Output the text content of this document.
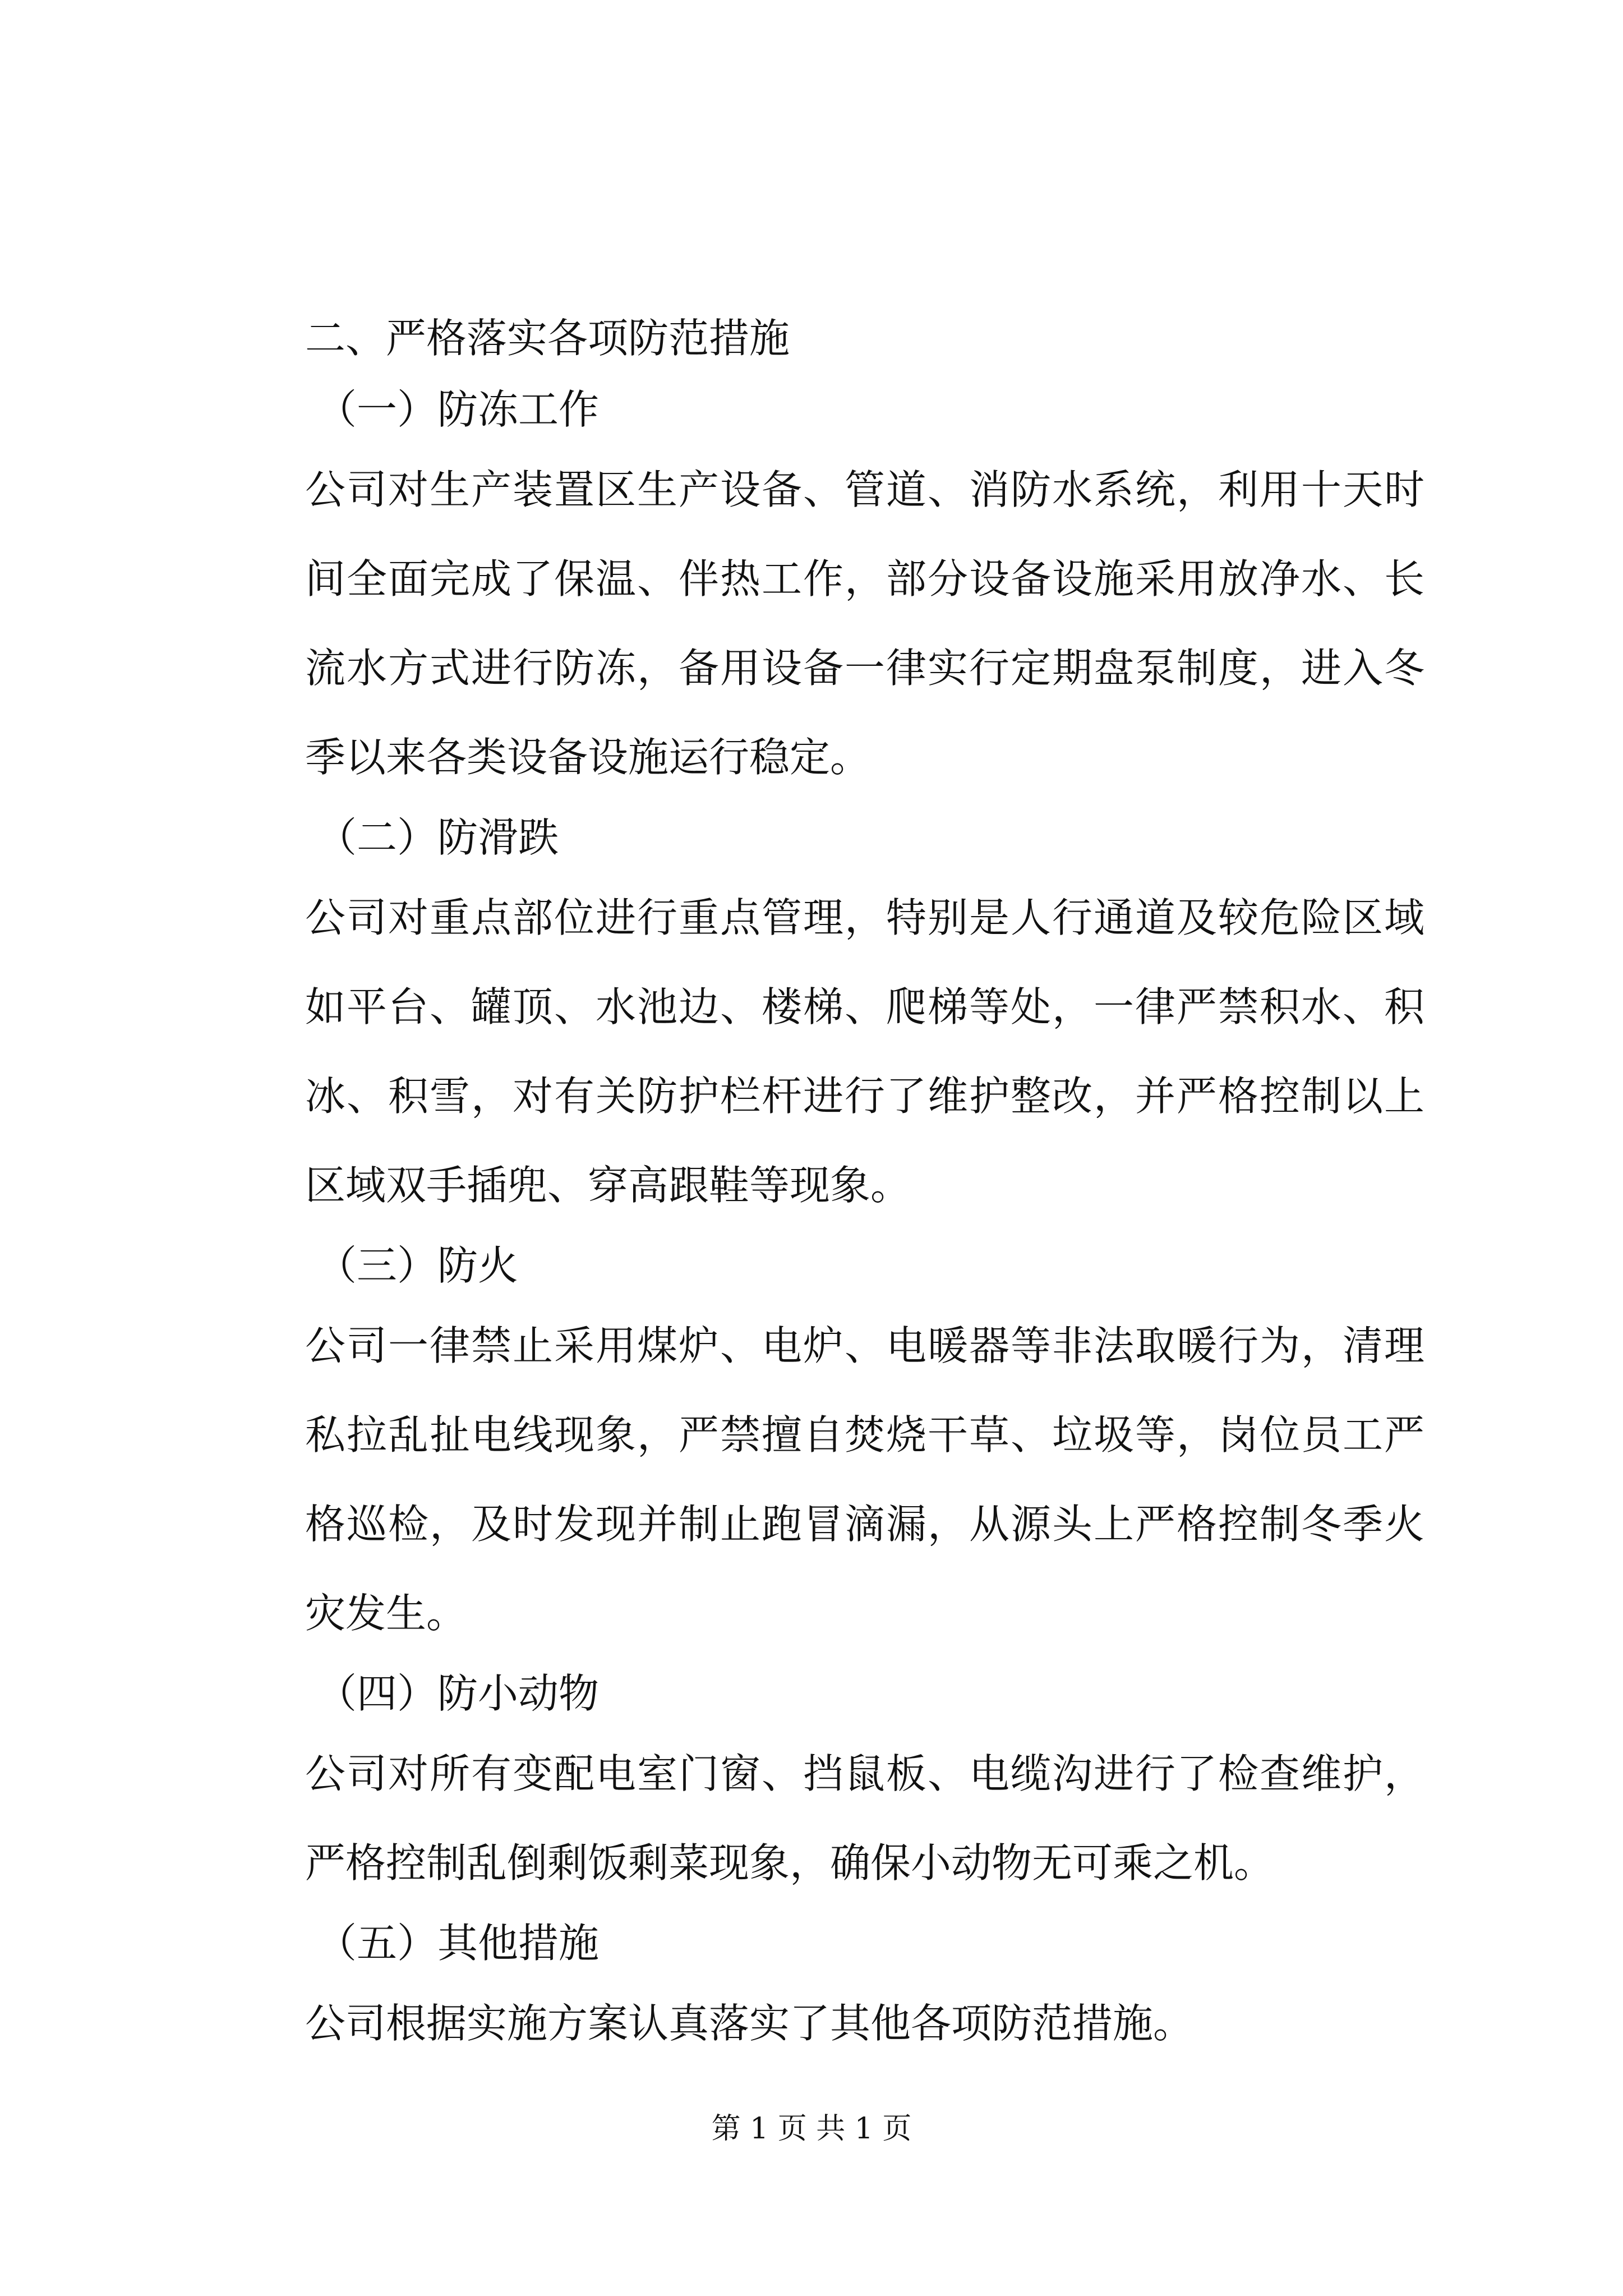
二、严格落实各项防范措施

（一）防冻工作

公司对生产装置区生产设备、管道、消防水系统，利用十天时间全面完成了保温、伴热工作，部分设备设施采用放净水、长流水方式进行防冻，备用设备一律实行定期盘泵制度，进入冬季以来各类设备设施运行稳定。

（二）防滑跌

公司对重点部位进行重点管理，特别是人行通道及较危险区域如平台、罐顶、水池边、楼梯、爬梯等处，一律严禁积水、积冰、积雪，对有关防护栏杆进行了维护整改，并严格控制以上区域双手插兜、穿高跟鞋等现象。

（三）防火

公司一律禁止采用煤炉、电炉、电暖器等非法取暖行为，清理私拉乱扯电线现象，严禁擅自焚烧干草、垃圾等，岗位员工严格巡检，及时发现并制止跑冒滴漏，从源头上严格控制冬季火灾发生。

（四）防小动物

公司对所有变配电室门窗、挡鼠板、电缆沟进行了检查维护，严格控制乱倒剩饭剩菜现象，确保小动物无可乘之机。

（五）其他措施

公司根据实施方案认真落实了其他各项防范措施。

第 1 页 共 1 页
